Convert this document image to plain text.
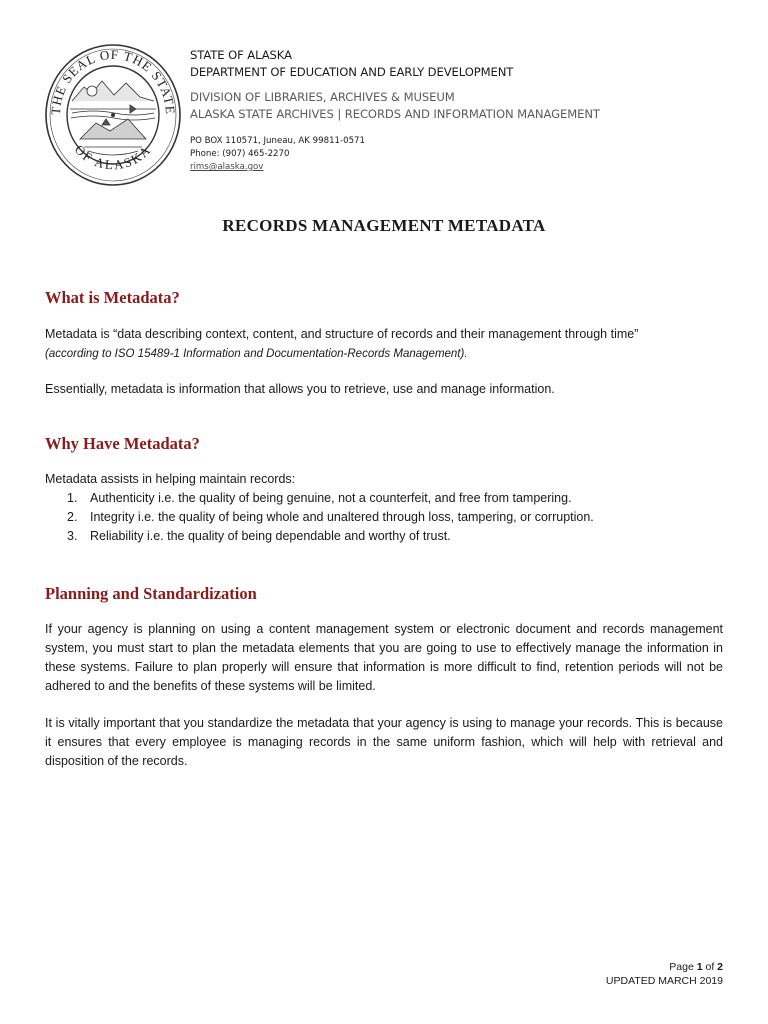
THE SEAL OF THE STATE
OF ALASKA
STATE OF ALASKA
DEPARTMENT OF EDUCATION AND EARLY DEVELOPMENT
DIVISION OF LIBRARIES, ARCHIVES & MUSEUM
ALASKA STATE ARCHIVES | RECORDS AND INFORMATION MANAGEMENT
PO BOX 110571, Juneau, AK 99811-0571
Phone: (907) 465-2270
rims@alaska.gov
RECORDS MANAGEMENT METADATA
What is Metadata?

Metadata is “data describing context, content, and structure of records and their management through time”
(according to ISO 15489-1 Information and Documentation-Records Management).

Essentially, metadata is information that allows you to retrieve, use and manage information.

Why Have Metadata?

Metadata assists in helping maintain records:

1. Authenticity i.e. the quality of being genuine, not a counterfeit, and free from tampering.
2. Integrity i.e. the quality of being whole and unaltered through loss, tampering, or corruption.
3. Reliability i.e. the quality of being dependable and worthy of trust.
Planning and Standardization

If your agency is planning on using a content management system or electronic document and records management system, you must start to plan the metadata elements that you are going to use to effectively manage the information in these systems. Failure to plan properly will ensure that information is more difficult to find, retention periods will not be adhered to and the benefits of these systems will be limited.

It is vitally important that you standardize the metadata that your agency is using to manage your records. This is because it ensures that every employee is managing records in the same uniform fashion, which will help with retrieval and disposition of the records.

Page 1 of 2
UPDATED MARCH 2019
